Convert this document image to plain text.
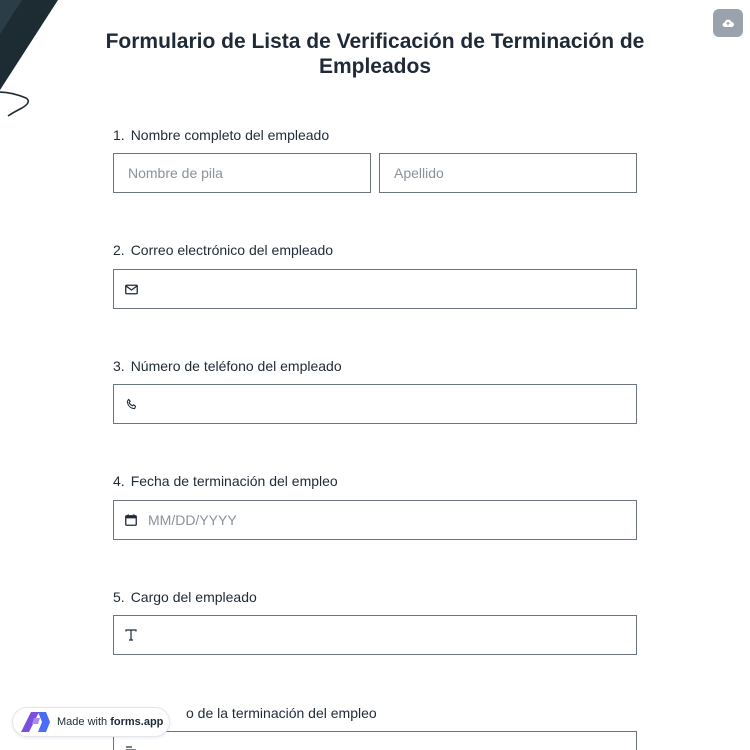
Formulario de Lista de Verificación de Terminación de Empleados
1. Nombre completo del empleado
Nombre de pila
Apellido
2. Correo electrónico del empleado
3. Número de teléfono del empleado
4. Fecha de terminación del empleo
MM/DD/YYYY
5. Cargo del empleado
o de la terminación del empleo
Made with forms.app
